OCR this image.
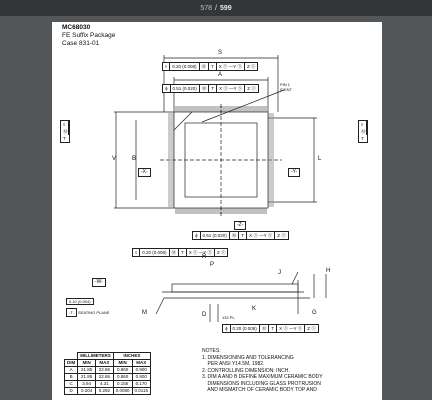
578 / 599
MC68030
FE Suffix Package
Case 831-01
◊	0.20 (0.008)	Ⓜ	T	X Ⓢ —Y Ⓢ	Z Ⓢ
ϕ	0.51 (0.020)	Ⓜ	T	X Ⓢ —Y Ⓢ	Z Ⓢ
ϕ	0.51 (0.020)	Ⓜ	T	X Ⓢ —Y Ⓢ	Z Ⓢ
◊	0.20 (0.008)	Ⓜ	T	X Ⓢ —Y Ⓢ	Z Ⓢ
ϕ	0.20 (0.008)	Ⓜ	T	X Ⓢ —Y Ⓢ	Z Ⓢ
◊
Ⓜ
T
◊
Ⓜ
T
-X-	-Y-
-Z-
-W-
-T-
S
A
V	B	L
P
R
J	H
G
K
M	D
PIN 1
IDENT
132 PL
SEATING PLANE
0.10 (0.004)
	MILLIMETERS		INCHES	
DIM	MIN	MAX	MIN	MAX
A	21.85	22.86	0.860	0.900
B	21.85	22.86	0.860	0.900
C	3.94	4.31	0.155	0.170
D	0.204	0.292	0.0080	0.0115

NOTES:

1. DIMENSIONING AND TOLERANCING

PER ANSI Y14.5M, 1982.

2. CONTROLLING DIMENSION: INCH.

3. DIM A AND B DEFINE MAXIMUM CERAMIC BODY

DIMENSIONS INCLUDING GLASS PROTRUSION

AND MISMATCH OF CERAMIC BODY TOP AND
